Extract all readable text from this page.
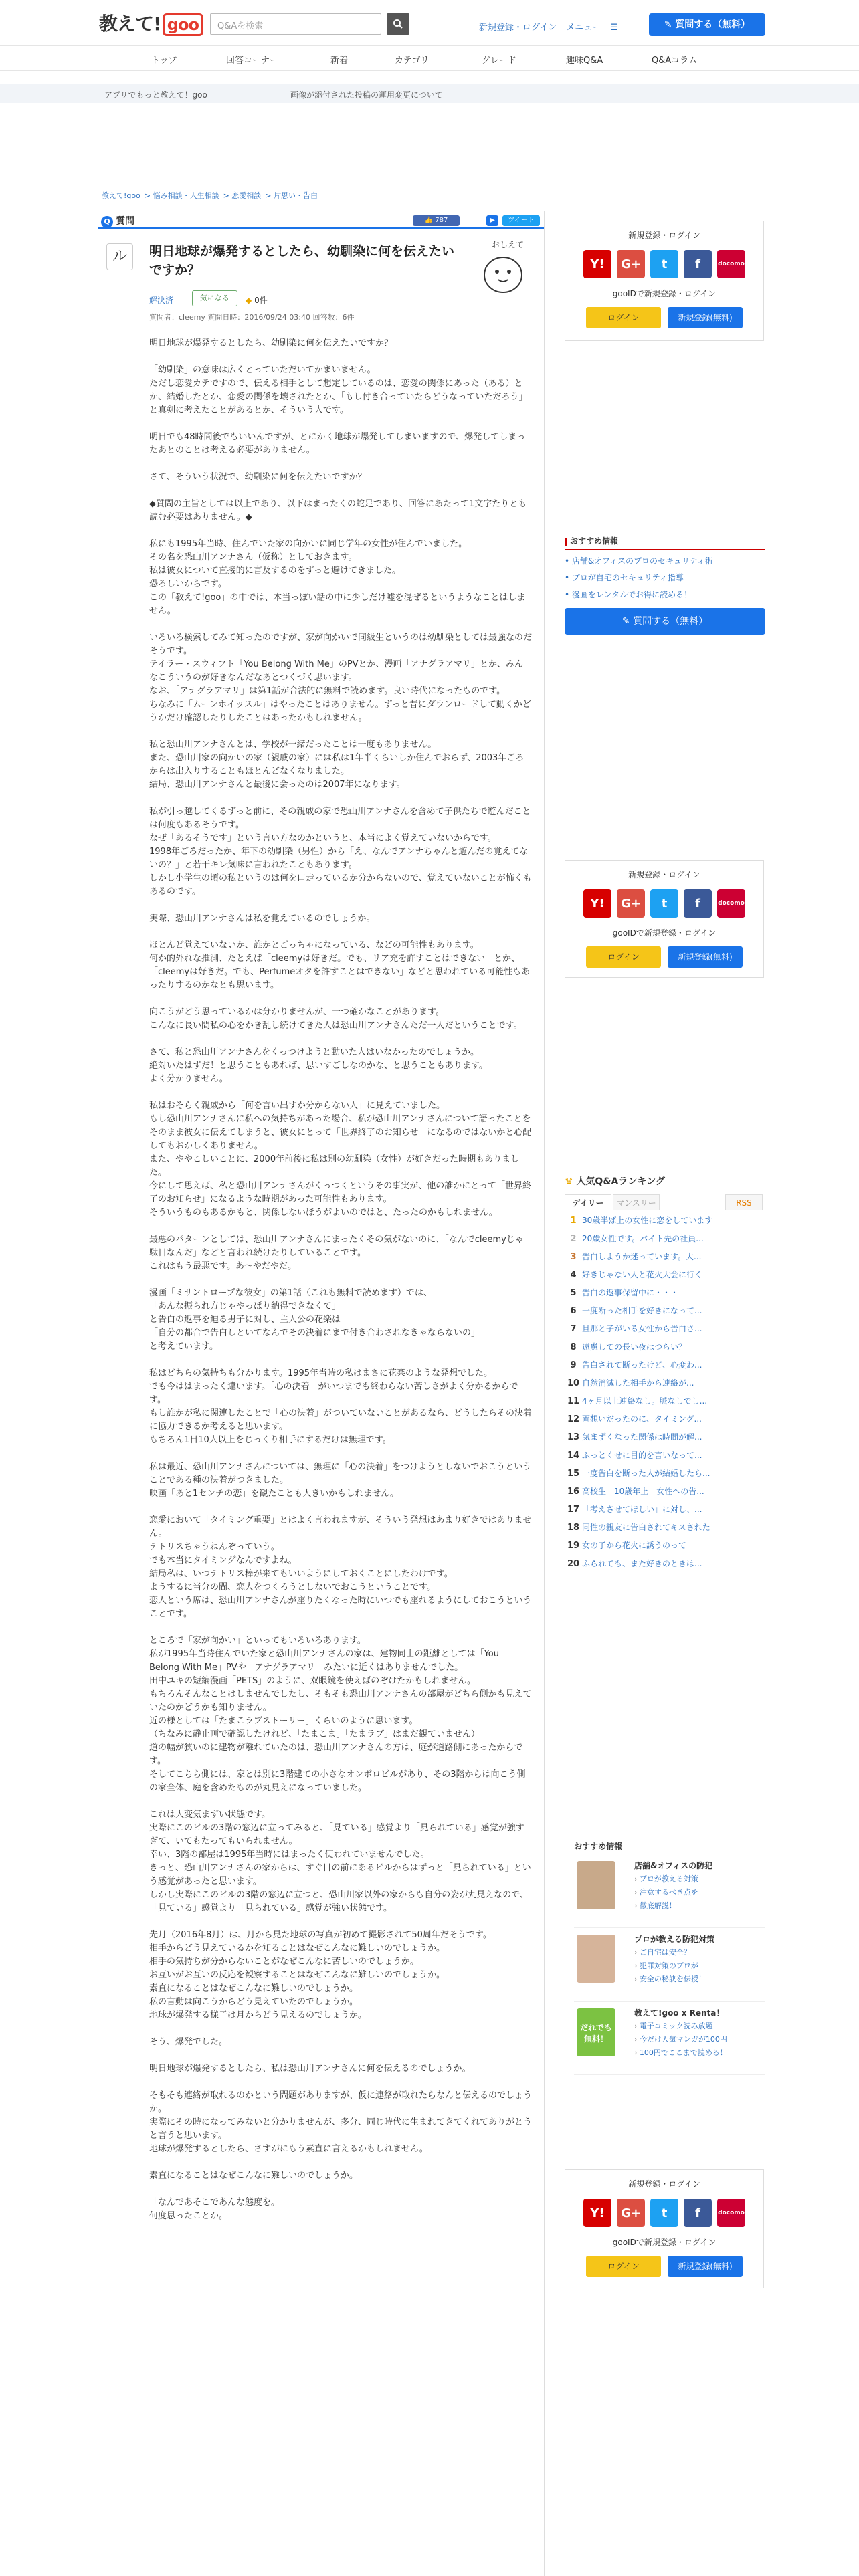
教えて! goo	Q&Aを検索	新規登録・ログイン メニュー ☰	✎ 質問する（無料）
トップ	回答コーナー	新着	カテゴリ	グレード	趣味Q&A	Q&Aコラム
アプリでもっと教えて！goo	画像が添付された投稿の運用変更について
教えて!goo > 悩み相談・人生相談 > 恋愛相談 > 片思い・告白
Q 質問	👍 787	▶	ツイート
ル	明日地球が爆発するとしたら、幼馴染に何を伝えたいですか？
おしえて
解決済	気になる	◆ 0件
質問者：cleemy 質問日時：2016/09/24 03:40 回答数：6件

明日地球が爆発するとしたら、幼馴染に何を伝えたいですか？

「幼馴染」の意味は広くとっていただいてかまいません。
ただし恋愛カテですので、伝える相手として想定しているのは、恋愛の関係にあった（ある）とか、結婚したとか、恋愛の関係を壊されたとか、「もし付き合っていたらどうなっていただろう」と真剣に考えたことがあるとか、そういう人です。

明日でも48時間後でもいいんですが、とにかく地球が爆発してしまいますので、爆発してしまったあとのことは考える必要がありません。

さて、そういう状況で、幼馴染に何を伝えたいですか？

◆質問の主旨としては以上であり、以下はまったくの蛇足であり、回答にあたって1文字たりとも読む必要はありません。◆

私にも1995年当時、住んでいた家の向かいに同じ学年の女性が住んでいました。
その名を恐山川アンナさん（仮称）としておきます。
私は彼女について直接的に言及するのをずっと避けてきました。
恐ろしいからです。
この「教えて!goo」の中では、本当っぽい話の中に少しだけ嘘を混ぜるというようなことはしません。

いろいろ検索してみて知ったのですが、家が向かいで同級生というのは幼馴染としては最強なのだそうです。
テイラー・スウィフト「You Belong With Me」のPVとか、漫画「アナグラアマリ」とか、みんなこういうのが好きなんだなあとつくづく思います。
なお、「アナグラアマリ」は第1話が合法的に無料で読めます。良い時代になったものです。
ちなみに「ムーンホイッスル」はやったことはありません。ずっと昔にダウンロードして動くかどうかだけ確認したりしたことはあったかもしれません。

私と恐山川アンナさんとは、学校が一緒だったことは一度もありません。
また、恐山川家の向かいの家（親戚の家）には私は1年半くらいしか住んでおらず、2003年ごろからは出入りすることもほとんどなくなりました。
結局、恐山川アンナさんと最後に会ったのは2007年になります。

私が引っ越してくるずっと前に、その親戚の家で恐山川アンナさんを含めて子供たちで遊んだことは何度もあるそうです。
なぜ「あるそうです」という言い方なのかというと、本当によく覚えていないからです。
1998年ごろだったか、年下の幼馴染（男性）から「え、なんでアンナちゃんと遊んだの覚えてないの？」と若干キレ気味に言われたこともあります。
しかし小学生の頃の私というのは何を口走っているか分からないので、覚えていないことが怖くもあるのです。

実際、恐山川アンナさんは私を覚えているのでしょうか。

ほとんど覚えていないか、誰かとごっちゃになっている、などの可能性もあります。
何か的外れな推測、たとえば「cleemyは好きだ。でも、リア充を許すことはできない」とか、「cleemyは好きだ。でも、Perfumeオタを許すことはできない」などと思われている可能性もあったりするのかなとも思います。

向こうがどう思っているかは分かりませんが、一つ確かなことがあります。
こんなに長い間私の心をかき乱し続けてきた人は恐山川アンナさんただ一人だということです。

さて、私と恐山川アンナさんをくっつけようと動いた人はいなかったのでしょうか。
絶対いたはずだ！と思うこともあれば、思いすごしなのかな、と思うこともあります。
よく分かりません。

私はおそらく親戚から「何を言い出すか分からない人」に見えていました。
もし恐山川アンナさんに私への気持ちがあった場合、私が恐山川アンナさんについて語ったことをそのまま彼女に伝えてしまうと、彼女にとって「世界終了のお知らせ」になるのではないかと心配してもおかしくありません。
また、ややこしいことに、2000年前後に私は別の幼馴染（女性）が好きだった時期もありました。
今にして思えば、私と恐山川アンナさんがくっつくというその事実が、他の誰かにとって「世界終了のお知らせ」になるような時期があった可能性もあります。
そういうものもあるかもと、関係しないほうがよいのではと、たったのかもしれません。

最悪のパターンとしては、恐山川アンナさんにまったくその気がないのに、「なんでcleemyじゃ駄目なんだ」などと言われ続けたりしていることです。
これはもう最悪です。あ～やだやだ。

漫画「ミサントロープな彼女」の第1話（これも無料で読めます）では、
「あんな振られ方じゃやっぱり納得できなくて」
と告白の返事を迫る男子に対し、主人公の花楽は
「自分の都合で告白しといてなんでその決着にまで付き合わされなきゃならないの」
と考えています。

私はどちらの気持ちも分かります。1995年当時の私はまさに花楽のような発想でした。
でも今ははまったく違います。「心の決着」がいつまでも終わらない苦しさがよく分かるからです。
もし誰かが私に関連したことで「心の決着」がついていないことがあるなら、どうしたらその決着に協力できるか考えると思います。
もちろん1日10人以上をじっくり相手にするだけは無理です。

私は最近、恐山川アンナさんについては、無理に「心の決着」をつけようとしないでおこうということである種の決着がつきました。
映画「あと1センチの恋」を観たことも大きいかもしれません。

恋愛において「タイミング重要」とはよく言われますが、そういう発想はあまり好きではありません。
テトリスちゃうねんぞっていう。
でも本当にタイミングなんですよね。
結局私は、いつテトリス棒が来てもいいようにしておくことにしたわけです。
ようするに当分の間、恋人をつくろうとしないでおこうということです。
恋人という席は、恐山川アンナさんが座りたくなった時にいつでも座れるようにしておこうということです。

ところで「家が向かい」といってもいろいろあります。
私が1995年当時住んでいた家と恐山川アンナさんの家は、建物同士の距離としては「You Belong With Me」PVや「アナグラアマリ」みたいに近くはありませんでした。
田中ユキの短編漫画「PETS」のように、双眼鏡を使えばのぞけたかもしれません。
もちろんそんなことはしませんでしたし、そもそも恐山川アンナさんの部屋がどちら側かも見えていたのかどうかも知りません。
近の様としては「たまこラブストーリー」くらいのように思います。
（ちなみに静止画で確認したけれど、「たまこま」「たまラブ」はまだ観ていません）
道の幅が狭いのに建物が離れていたのは、恐山川アンナさんの方は、庭が道路側にあったからです。
そしてこちら側には、家とは別に3階建ての小さなオンボロビルがあり、その3階からは向こう側の家全体、庭を含めたものが丸見えになっていました。

これは大変気まずい状態です。
実際にこのビルの3階の窓辺に立ってみると、「見ている」感覚より「見られている」感覚が強すぎて、いてもたってもいられません。
幸い、3階の部屋は1995年当時にはまったく使われていませんでした。
きっと、恐山川アンナさんの家からは、すぐ目の前にあるビルからはずっと「見られている」という感覚があったと思います。
しかし実際にこのビルの3階の窓辺に立つと、恐山川家以外の家からも自分の姿が丸見えなので、「見ている」感覚より「見られている」感覚が強い状態です。

先月（2016年8月）は、月から見た地球の写真が初めて撮影されて50周年だそうです。
相手からどう見えているかを知ることはなぜこんなに難しいのでしょうか。
相手の気持ちが分からないことがなぜこんなに苦しいのでしょうか。
お互いがお互いの反応を観察することはなぜこんなに難しいのでしょうか。
素直になることはなぜこんなに難しいのでしょうか。
私の言動は向こうからどう見えていたのでしょうか。
地球が爆発する様子は月からどう見えるのでしょうか。

そう、爆発でした。

明日地球が爆発するとしたら、私は恐山川アンナさんに何を伝えるのでしょうか。

そもそも連絡が取れるのかという問題がありますが、仮に連絡が取れたらなんと伝えるのでしょうか。
実際にその時になってみないと分かりませんが、多分、同じ時代に生まれてきてくれてありがとうと言うと思います。
地球が爆発するとしたら、さすがにもう素直に言えるかもしれません。

素直になることはなぜこんなに難しいのでしょうか。

「なんであそこであんな態度を。」
何度思ったことか。

新規登録・ログイン
Y!	G+	t	f	docomo
gooIDで新規登録・ログイン
ログイン	新規登録(無料)
おすすめ情報
• 店舗&オフィスのプロのセキュリティ術
• プロが自宅のセキュリティ指導
• 漫画をレンタルでお得に読める！
✎ 質問する（無料）
新規登録・ログイン
Y!	G+	t	f	docomo
gooIDで新規登録・ログイン
ログイン	新規登録(無料)
♛ 人気Q&Aランキング
デイリー	マンスリー	RSS
1 30歳半ば上の女性に恋をしています
2 20歳女性です。バイト先の社員...
3 告白しようか迷っています。大...
4 好きじゃない人と花火大会に行く
5 告白の返事保留中に・・・
6 一度断った相手を好きになって...
7 旦那と子がいる女性から告白さ...
8 遠慮しての長い夜はつらい？
9 告白されて断ったけど、心変わ...
10 自然消滅した相手から連絡が...
11 4ヶ月以上連絡なし。脈なしでし...
12 両想いだったのに、タイミング...
13 気まずくなった関係は時間が解...
14 ふっとくせに目的を言いなって...
15 一度告白を断った人が結婚したら...
16 高校生　10歳年上　女性への告...
17 「考えさせてほしい」に対し、...
18 同性の親友に告白されてキスされた
19 女の子から花火に誘うのって
20 ふられても、また好きのときは...
おすすめ情報
店舗&オフィスの防犯
› プロが教える対策
› 注意するべき点を
› 徹底解説！
プロが教える防犯対策
› ご自宅は安全？
› 犯罪対策のプロが
› 安全の秘訣を伝授！
だれでも無料！
教えて!goo x Renta！
› 電子コミック読み放題
› 今だけ人気マンガが100円
› 100円でここまで読める！
新規登録・ログイン
Y!	G+	t	f	docomo
gooIDで新規登録・ログイン
ログイン	新規登録(無料)
